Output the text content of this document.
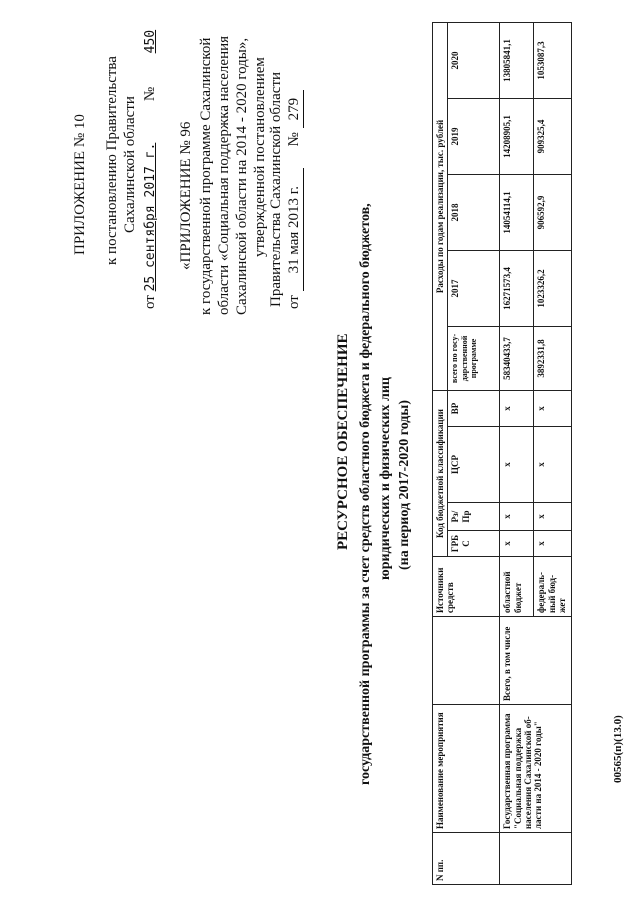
ПРИЛОЖЕНИЕ № 10 к постановлению Правительства Сахалинской области
от 25 сентября 2017 г.  №  450
«ПРИЛОЖЕНИЕ № 96 к государственной программе Сахалинской области «Социальная поддержка населения Сахалинской области на 2014 - 2020 годы», утвержденной постановлением Правительства Сахалинской области от 31 мая 2013 г.  № 279
РЕСУРСНОЕ ОБЕСПЕЧЕНИЕ государственной программы за счет средств областного бюджета и федерального бюджетов, юридических и физических лиц (на период 2017-2020 годы)
N пп.	Наименование мероприятия		Источники средств	Код бюджетной классификации				Расходы по годам реализации, тыс. рублей				
				ГРБ С	Рз/ Пр	ЦСР	ВР	всего по госу- дарственной программе	2017	2018	2019	2020
	Государственная программа "Социальная поддержка населения Сахалинской об- ласти на 2014 - 2020 годы"	Всего, в том числе	областной бюджет	х	х	х	х	58340433,7	16271573,4	14054114,1	14208905,1	13805841,1
			федераль- ный бюд- жет	х	х	х	х	3892331,8	1023326,2	906592,9	909325,4	1053087,3
00565(п)(13.0)
